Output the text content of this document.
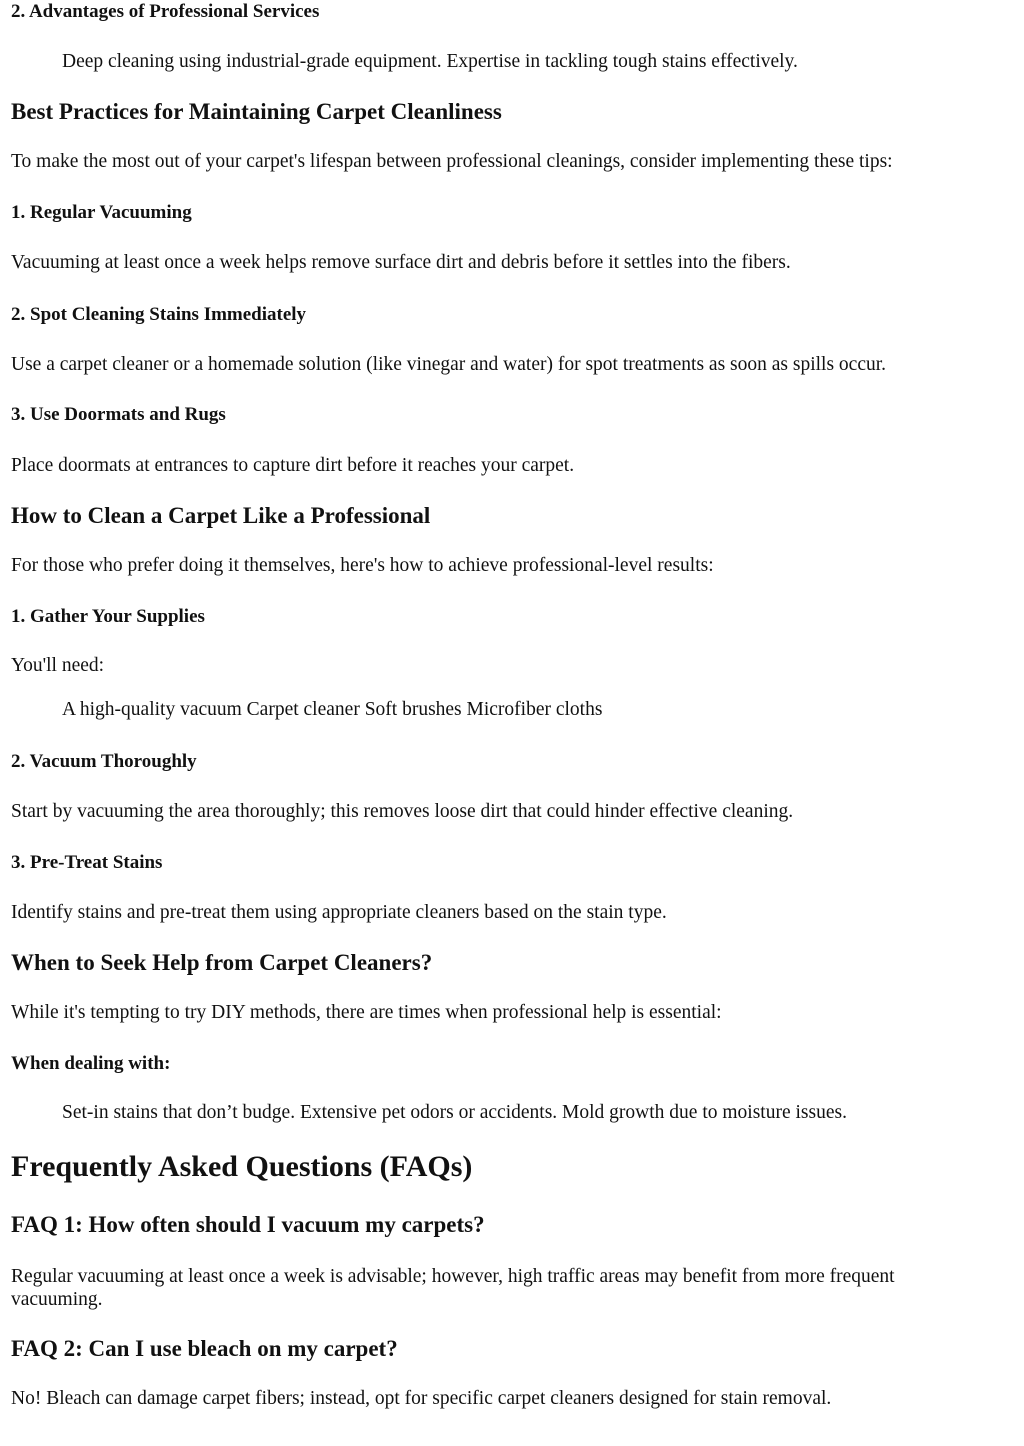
2. Advantages of Professional Services
Deep cleaning using industrial-grade equipment. Expertise in tackling tough stains effectively.
Best Practices for Maintaining Carpet Cleanliness
To make the most out of your carpet's lifespan between professional cleanings, consider implementing these tips:
1. Regular Vacuuming
Vacuuming at least once a week helps remove surface dirt and debris before it settles into the fibers.
2. Spot Cleaning Stains Immediately
Use a carpet cleaner or a homemade solution (like vinegar and water) for spot treatments as soon as spills occur.
3. Use Doormats and Rugs
Place doormats at entrances to capture dirt before it reaches your carpet.
How to Clean a Carpet Like a Professional
For those who prefer doing it themselves, here's how to achieve professional-level results:
1. Gather Your Supplies
You'll need:
A high-quality vacuum Carpet cleaner Soft brushes Microfiber cloths
2. Vacuum Thoroughly
Start by vacuuming the area thoroughly; this removes loose dirt that could hinder effective cleaning.
3. Pre-Treat Stains
Identify stains and pre-treat them using appropriate cleaners based on the stain type.
When to Seek Help from Carpet Cleaners?
While it's tempting to try DIY methods, there are times when professional help is essential:
When dealing with:
Set-in stains that don’t budge. Extensive pet odors or accidents. Mold growth due to moisture issues.
Frequently Asked Questions (FAQs)
FAQ 1: How often should I vacuum my carpets?
Regular vacuuming at least once a week is advisable; however, high traffic areas may benefit from more frequent vacuuming.
FAQ 2: Can I use bleach on my carpet?
No! Bleach can damage carpet fibers; instead, opt for specific carpet cleaners designed for stain removal.
